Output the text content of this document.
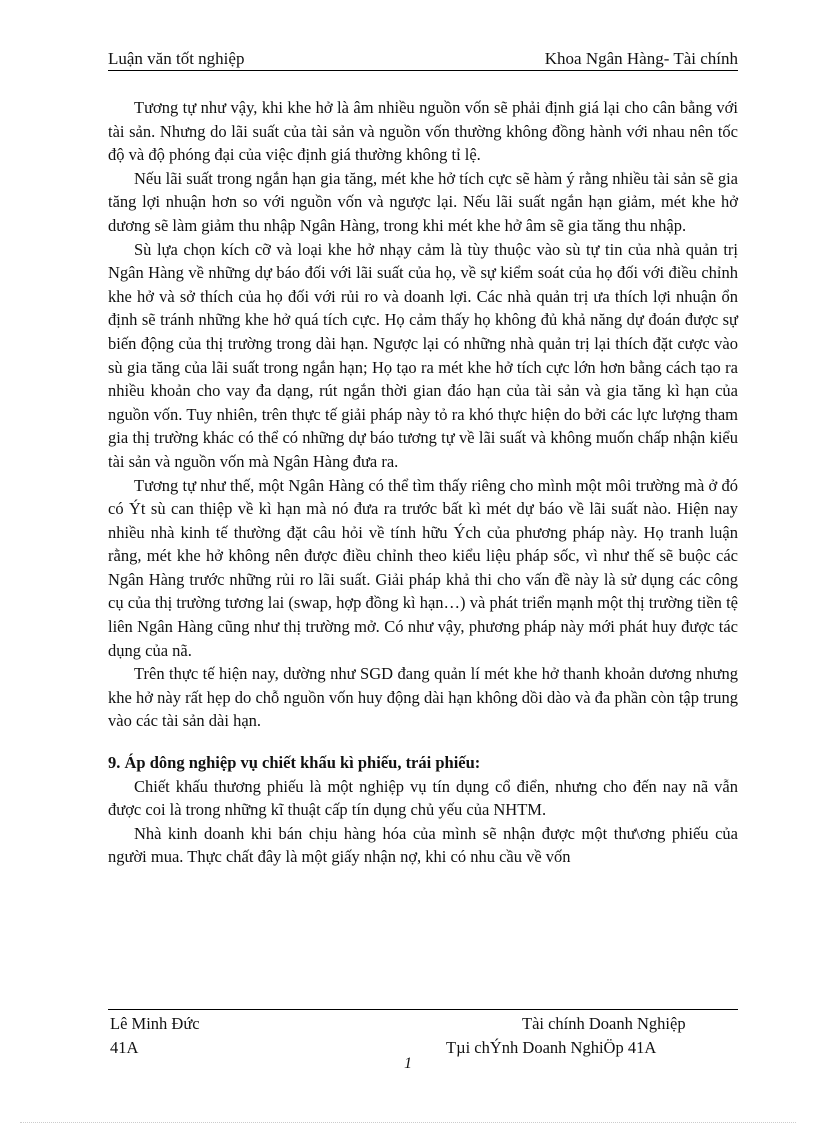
Luận văn tốt nghiệp	Khoa Ngân Hàng- Tài chính

Tương tự như vậy, khi khe hở là âm nhiều nguồn vốn sẽ phải định giá lại cho cân bằng với tài sản. Nhưng do lãi suất của tài sản và nguồn vốn thường không đồng hành với nhau nên tốc độ và độ phóng đại của việc định giá thường không tỉ lệ.

Nếu lãi suất trong ngắn hạn gia tăng, mét khe hở tích cực sẽ hàm ý rằng nhiều tài sản sẽ gia tăng lợi nhuận hơn so với nguồn vốn và ngược lại. Nếu lãi suất ngắn hạn giảm, mét khe hở dương sẽ làm giảm thu nhập Ngân Hàng, trong khi mét khe hở âm sẽ gia tăng thu nhập.

Sù lựa chọn kích cỡ và loại khe hở nhạy cảm là tùy thuộc vào sù tự tin của nhà quản trị Ngân Hàng về những dự báo đối với lãi suất của họ, về sự kiểm soát của họ đối với điều chỉnh khe hở và sở thích của họ đối với rủi ro và doanh lợi. Các nhà quản trị ưa thích lợi nhuận ổn định sẽ tránh những khe hở quá tích cực. Họ cảm thấy họ không đủ khả năng dự đoán được sự biến động của thị trường trong dài hạn. Ngược lại có những nhà quản trị lại thích đặt cược vào sù gia tăng của lãi suất trong ngắn hạn; Họ tạo ra mét khe hở tích cực lớn hơn bằng cách tạo ra nhiều khoản cho vay đa dạng, rút ngắn thời gian đáo hạn của tài sản và gia tăng kì hạn của nguồn vốn. Tuy nhiên, trên thực tế giải pháp này tỏ ra khó thực hiện do bởi các lực lượng tham gia thị trường khác có thể có những dự báo tương tự về lãi suất và không muốn chấp nhận kiểu tài sản và nguồn vốn mà Ngân Hàng đưa ra.

Tương tự như thế, một Ngân Hàng có thể tìm thấy riêng cho mình một môi trường mà ở đó có Ýt sù can thiệp về kì hạn mà nó đưa ra trước bất kì mét dự báo về lãi suất nào. Hiện nay nhiều nhà kinh tế thường đặt câu hỏi về tính hữu Ých của phương pháp này. Họ tranh luận rằng, mét khe hở không nên được điều chỉnh theo kiểu liệu pháp sốc, vì như thế sẽ buộc các Ngân Hàng trước những rủi ro lãi suất. Giải pháp khả thi cho vấn đề này là sử dụng các công cụ của thị trường tương lai (swap, hợp đồng kì hạn…) và phát triển mạnh một thị trường tiền tệ liên Ngân Hàng cũng như thị trường mở. Có như vậy, phương pháp này mới phát huy được tác dụng của nã.

Trên thực tế hiện nay, dường như SGD đang quản lí mét khe hở thanh khoản dương nhưng khe hở này rất hẹp do chỗ nguồn vốn huy động dài hạn không dồi dào và đa phần còn tập trung vào các tài sản dài hạn.

9. Áp dông nghiệp vụ chiết khấu kì phiếu, trái phiếu:

Chiết khấu thương phiếu là một nghiệp vụ tín dụng cổ điển, nhưng cho đến nay nã vẫn được coi là trong những kĩ thuật cấp tín dụng chủ yếu của NHTM.

Nhà kinh doanh khi bán chịu hàng hóa của mình sẽ nhận được một thư\ơng phiếu của người mua. Thực chất đây là một giấy nhận nợ, khi có nhu cầu về vốn

Lê Minh Đức	Tài chính Doanh Nghiệp
41A	Tµi chÝnh Doanh NghiÖp 41A
1
